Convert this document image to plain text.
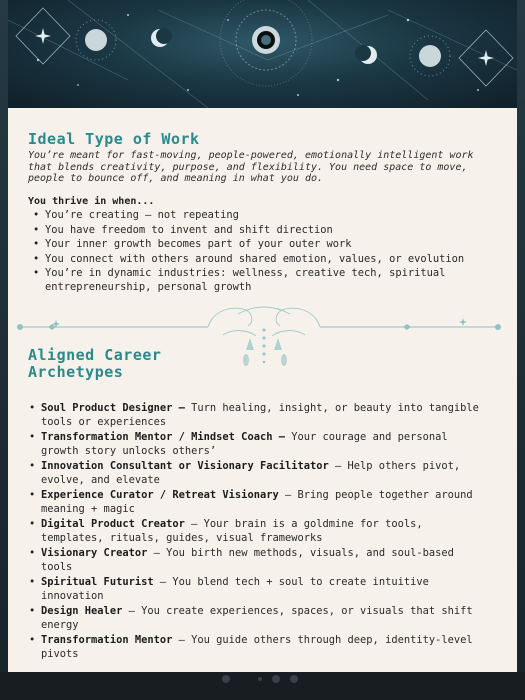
Ideal Type of Work
You’re meant for fast-moving, people-powered, emotionally intelligent work that blends creativity, purpose, and flexibility. You need space to move, people to bounce off, and meaning in what you do.
You thrive in when...
• You’re creating — not repeating
• You have freedom to invent and shift direction
• Your inner growth becomes part of your outer work
• You connect with others around shared emotion, values, or evolution
• You’re in dynamic industries: wellness, creative tech, spiritual entrepreneurship, personal growth
Aligned Career
Archetypes
• Soul Product Designer – Turn healing, insight, or beauty into tangible tools or experiences
• Transformation Mentor / Mindset Coach – Your courage and personal growth story unlocks others’
• Innovation Consultant or Visionary Facilitator – Help others pivot, evolve, and elevate
• Experience Curator / Retreat Visionary – Bring people together around meaning + magic
• Digital Product Creator – Your brain is a goldmine for tools, templates, rituals, guides, visual frameworks
• Visionary Creator – You birth new methods, visuals, and soul-based tools
• Spiritual Futurist – You blend tech + soul to create intuitive innovation
• Design Healer – You create experiences, spaces, or visuals that shift energy
• Transformation Mentor – You guide others through deep, identity-level pivots
